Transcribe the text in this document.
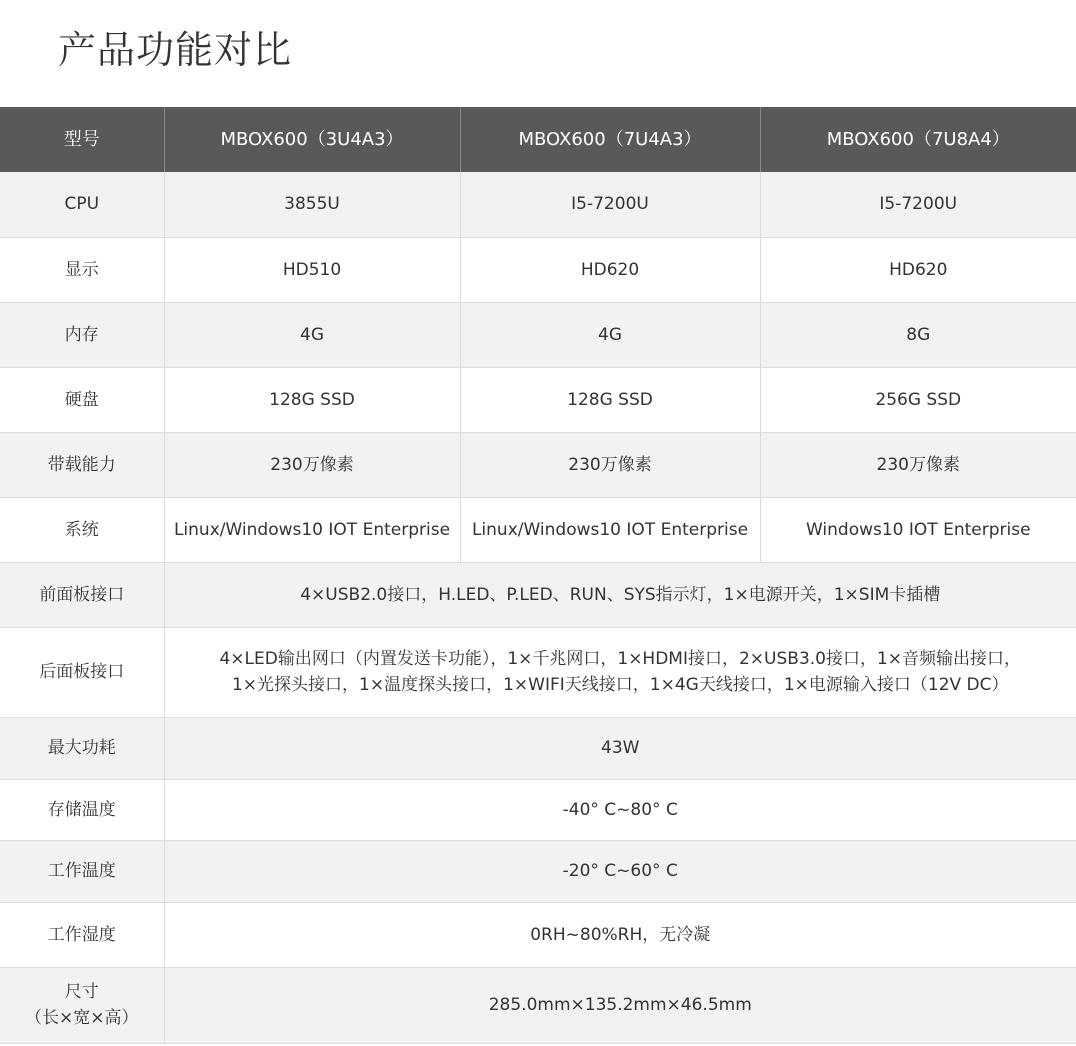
产品功能对比
型号	MBOX600（3U4A3）	MBOX600（7U4A3）	MBOX600（7U8A4）
CPU	3855U	I5-7200U	I5-7200U
显示	HD510	HD620	HD620
内存	4G	4G	8G
硬盘	128G SSD	128G SSD	256G SSD
带载能力	230万像素	230万像素	230万像素
系统	Linux/Windows10 IOT Enterprise	Linux/Windows10 IOT Enterprise	Windows10 IOT Enterprise
前面板接口	4×USB2.0接口，H.LED、P.LED、RUN、SYS指示灯，1×电源开关，1×SIM卡插槽		
后面板接口	4×LED输出网口（内置发送卡功能），1×千兆网口，1×HDMI接口，2×USB3.0接口，1×音频输出接口，
1×光探头接口，1×温度探头接口，1×WIFI天线接口，1×4G天线接口，1×电源输入接口（12V DC）		

最大功耗	43W		
存储温度	-40° C~80° C		
工作温度	-20° C~60° C		
工作湿度	0RH~80%RH，无冷凝		

尺寸
（长×宽×高）	285.0mm×135.2mm×46.5mm		
